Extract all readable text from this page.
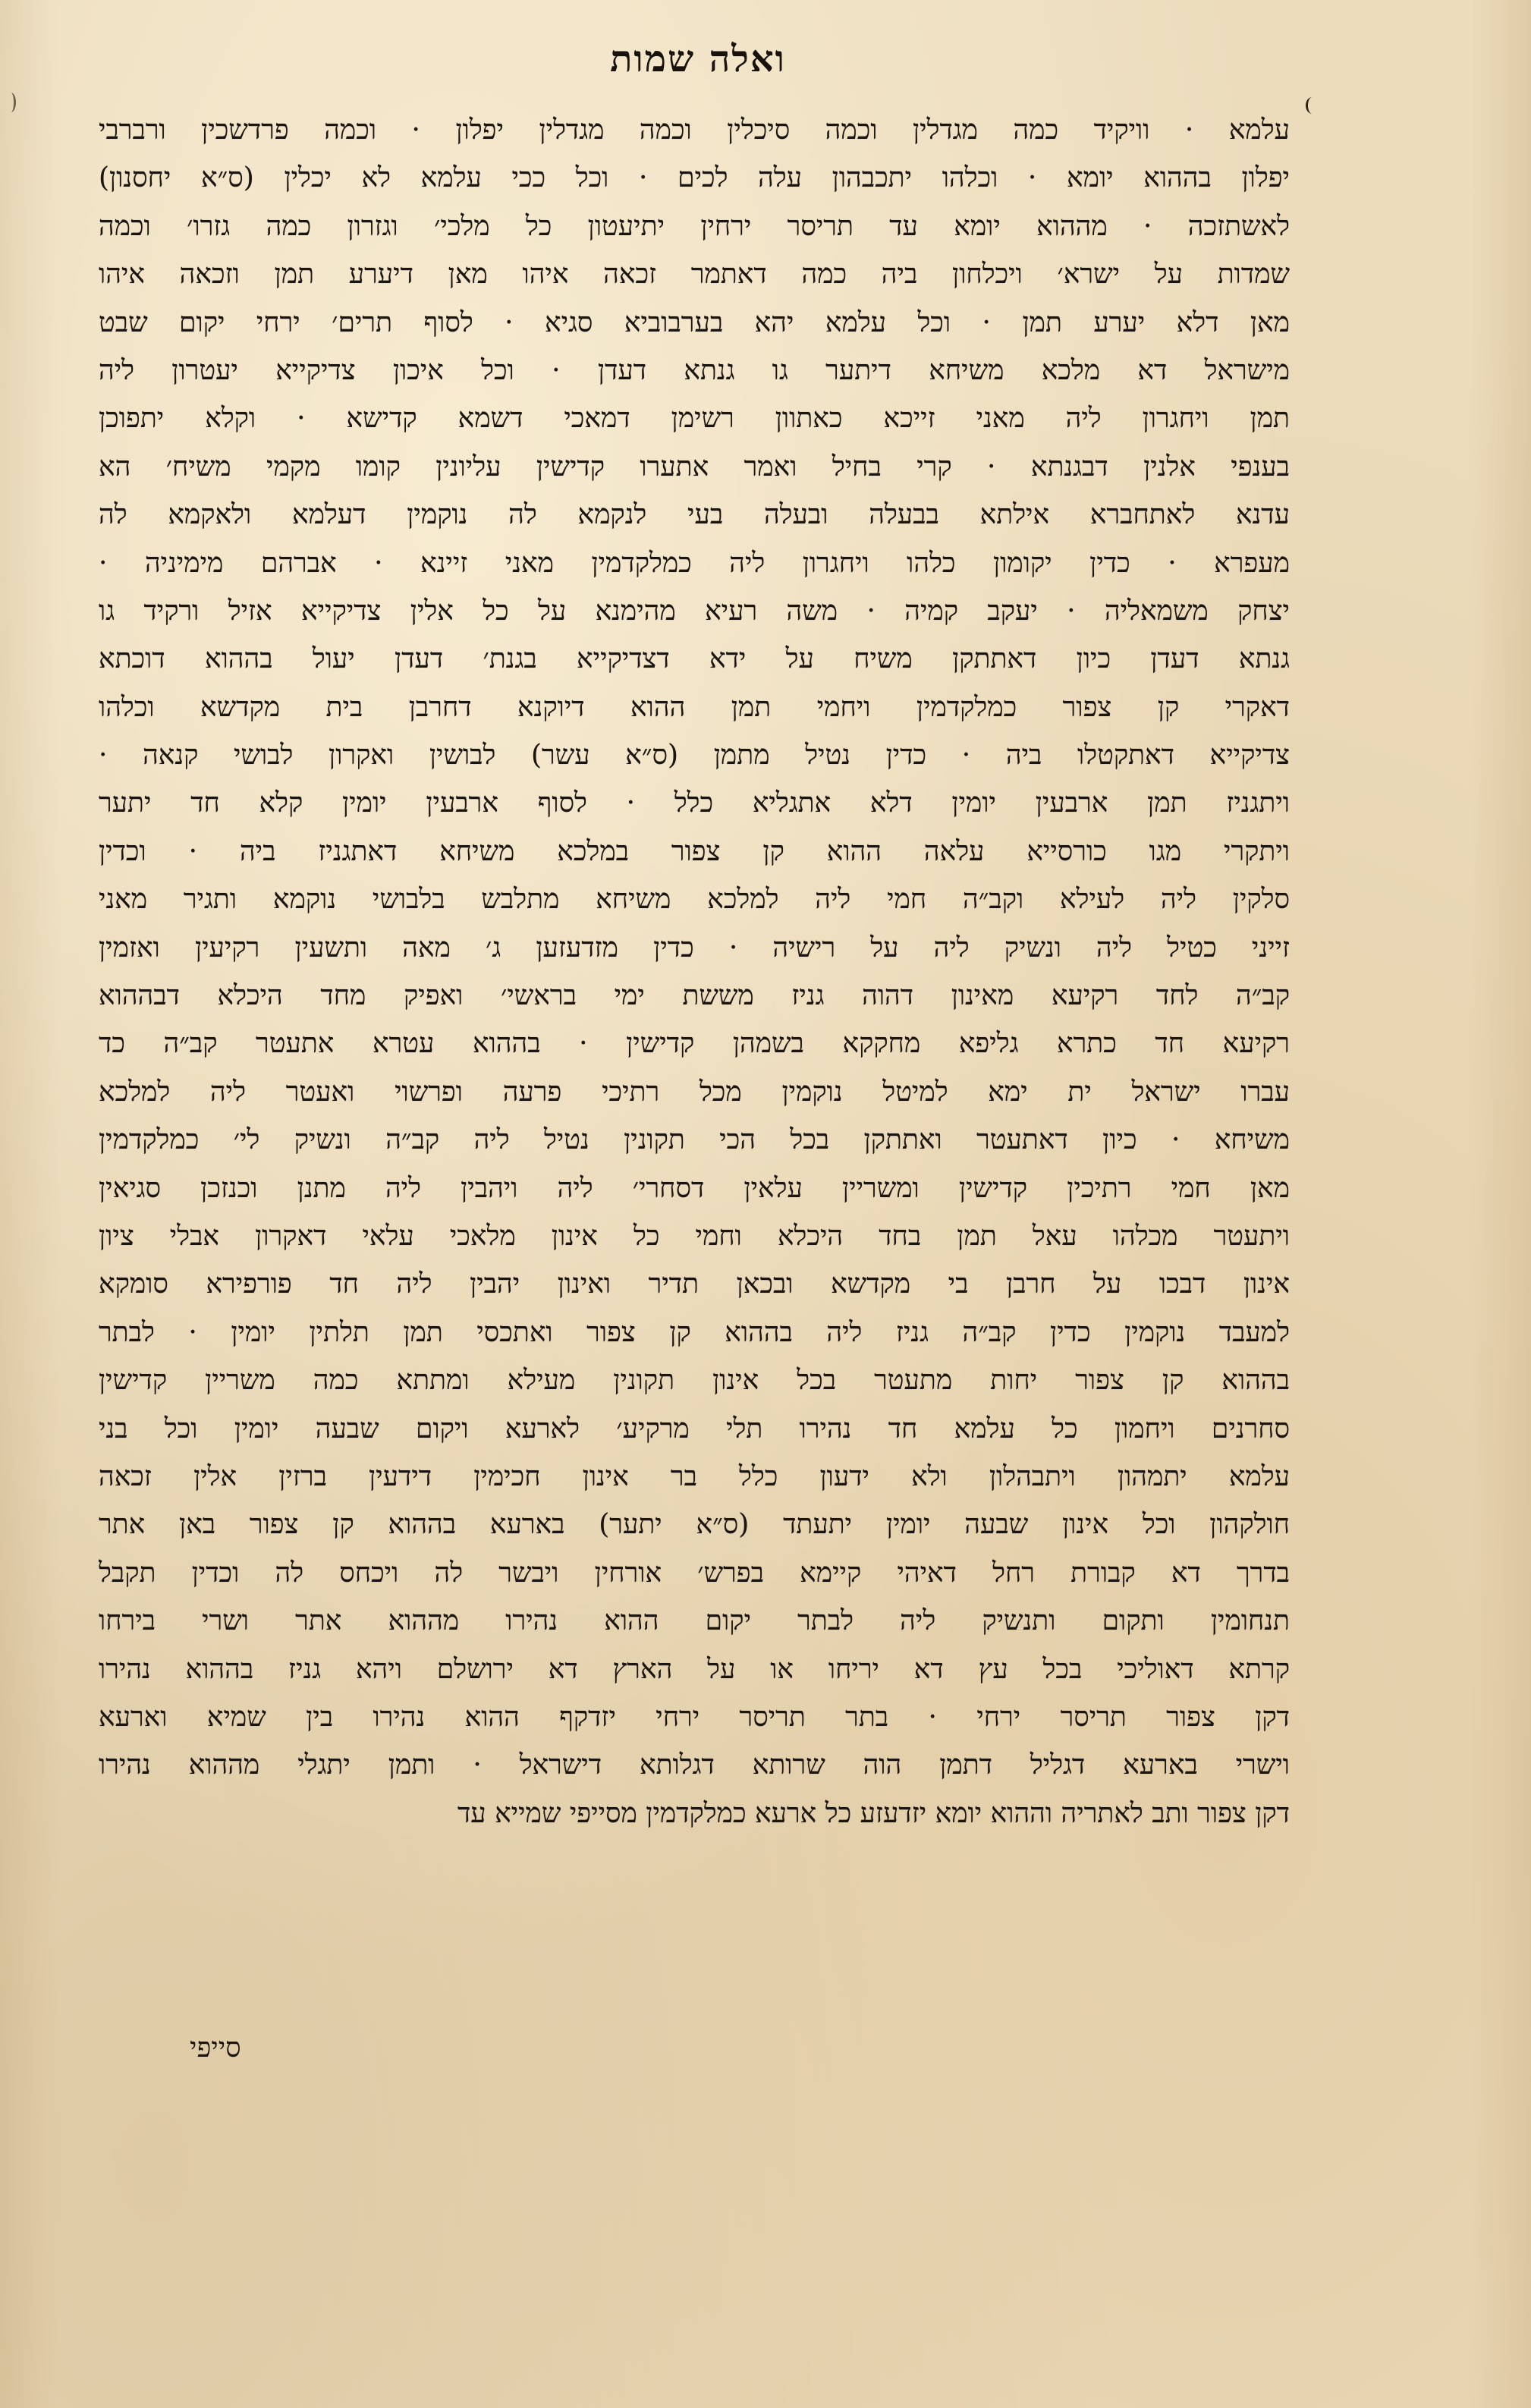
ואלה שמות
עלמא · וויקיד כמה מגדלין וכמה סיכלין וכמה מגדלין יפלון · וכמה פרדשכין ורברבי
יפלון בההוא יומא · וכלהו יתכבהון עלה לכים · וכל ככי עלמא לא יכלין (ס״א יחסנון)
לאשתזכה · מההוא יומא עד תריסר ירחין יתיעטון כל מלכי׳ וגזרון כמה גזרו׳ וכמה
שמדות על ישרא׳ ויכלחון ביה כמה דאתמר זכאה איהו מאן דיערע תמן וזכאה איהו
מאן דלא יערע תמן · וכל עלמא יהא בערבוביא סגיא · לסוף תרים׳ ירחי יקום שבט
מישראל דא מלכא משיחא דיתער גו גנתא דעדן · וכל איכון צדיקייא יעטרון ליה
תמן ויחגרון ליה מאני זייכא כאתוון רשימן דמאכי דשמא קדישא · וקלא יתפוכן
בענפי אלנין דבגנתא · קרי בחיל ואמר אתערו קדישין עליונין קומו מקמי משיח׳ הא
עדנא לאתחברא אילתא בבעלה ובעלה בעי לנקמא לה נוקמין דעלמא ולאקמא לה
מעפרא · כדין יקומון כלהו ויחגרון ליה כמלקדמין מאני זיינא · אברהם מימיניה ·
יצחק משמאליה · יעקב קמיה · משה רעיא מהימנא על כל אלין צדיקייא אזיל ורקיד גו
גנתא דעדן כיון דאתתקן משיח על ידא דצדיקייא בגנת׳ דעדן יעול בההוא דוכתא
דאקרי קן צפור כמלקדמין ויחמי תמן ההוא דיוקנא דחרבן בית מקדשא וכלהו
צדיקייא דאתקטלו ביה · כדין נטיל מתמן (ס״א עשר) לבושין ואקרון לבושי קנאה ·
ויתגניז תמן ארבעין יומין דלא אתגליא כלל · לסוף ארבעין יומין קלא חד יתער
ויתקרי מגו כורסייא עלאה ההוא קן צפור במלכא משיחא דאתגניז ביה · וכדין
סלקין ליה לעילא וקב״ה חמי ליה למלכא משיחא מתלבש בלבושי נוקמא ותגיר מאני
זייני כטיל ליה ונשיק ליה על רישיה · כדין מזדעזען ג׳ מאה ותשעין רקיעין ואזמין
קב״ה לחד רקיעא מאינון דהוה גניז מששת ימי בראשי׳ ואפיק מחד היכלא דבההוא
רקיעא חד כתרא גליפא מחקקא בשמהן קדישין · בההוא עטרא אתעטר קב״ה כד
עברו ישראל ית ימא למיטל נוקמין מכל רתיכי פרעה ופרשוי ואעטר ליה למלכא
משיחא · כיון דאתעטר ואתתקן בכל הכי תקונין נטיל ליה קב״ה ונשיק לי׳ כמלקדמין
מאן חמי רתיכין קדישין ומשריין עלאין דסחרי׳ ליה ויהבין ליה מתנן וכנזכן סגיאין
ויתעטר מכלהו עאל תמן בחד היכלא וחמי כל אינון מלאכי עלאי דאקרון אבלי ציון
אינון דבכו על חרבן בי מקדשא ובכאן תדיר ואינון יהבין ליה חד פורפירא סומקא
למעבד נוקמין כדין קב״ה גניז ליה בההוא קן צפור ואתכסי תמן תלתין יומין · לבתר
בההוא קן צפור יחות מתעטר בכל אינון תקונין מעילא ומתתא כמה משריין קדישין
סחרנים ויחמון כל עלמא חד נהירו תלי מרקיע׳ לארעא ויקום שבעה יומין וכל בני
עלמא יתמהון ויתבהלון ולא ידעון כלל בר אינון חכימין דידעין ברזין אלין זכאה
חולקהון וכל אינון שבעה יומין יתעתד (ס״א יתער) בארעא בההוא קן צפור באן אתר
בדרך דא קבורת רחל דאיהי קיימא בפרש׳ אורחין ויבשר לה ויכחס לה וכדין תקבל
תנחומין ותקום ותנשיק ליה לבתר יקום ההוא נהירו מההוא אתר ושרי בירחו
קרתא דאוליכי בכל עץ דא יריחו או על הארץ דא ירושלם ויהא גניז בההוא נהירו
דקן צפור תריסר ירחי · בתר תריסר ירחי יזדקף ההוא נהירו בין שמיא וארעא
וישרי בארעא דגליל דתמן הוה שרותא דגלותא דישראל · ותמן יתגלי מההוא נהירו
דקן צפור ותב לאתריה וההוא יומא יזדעזע כל ארעא כמלקדמין מסייפי שמייא עד
סייפי
